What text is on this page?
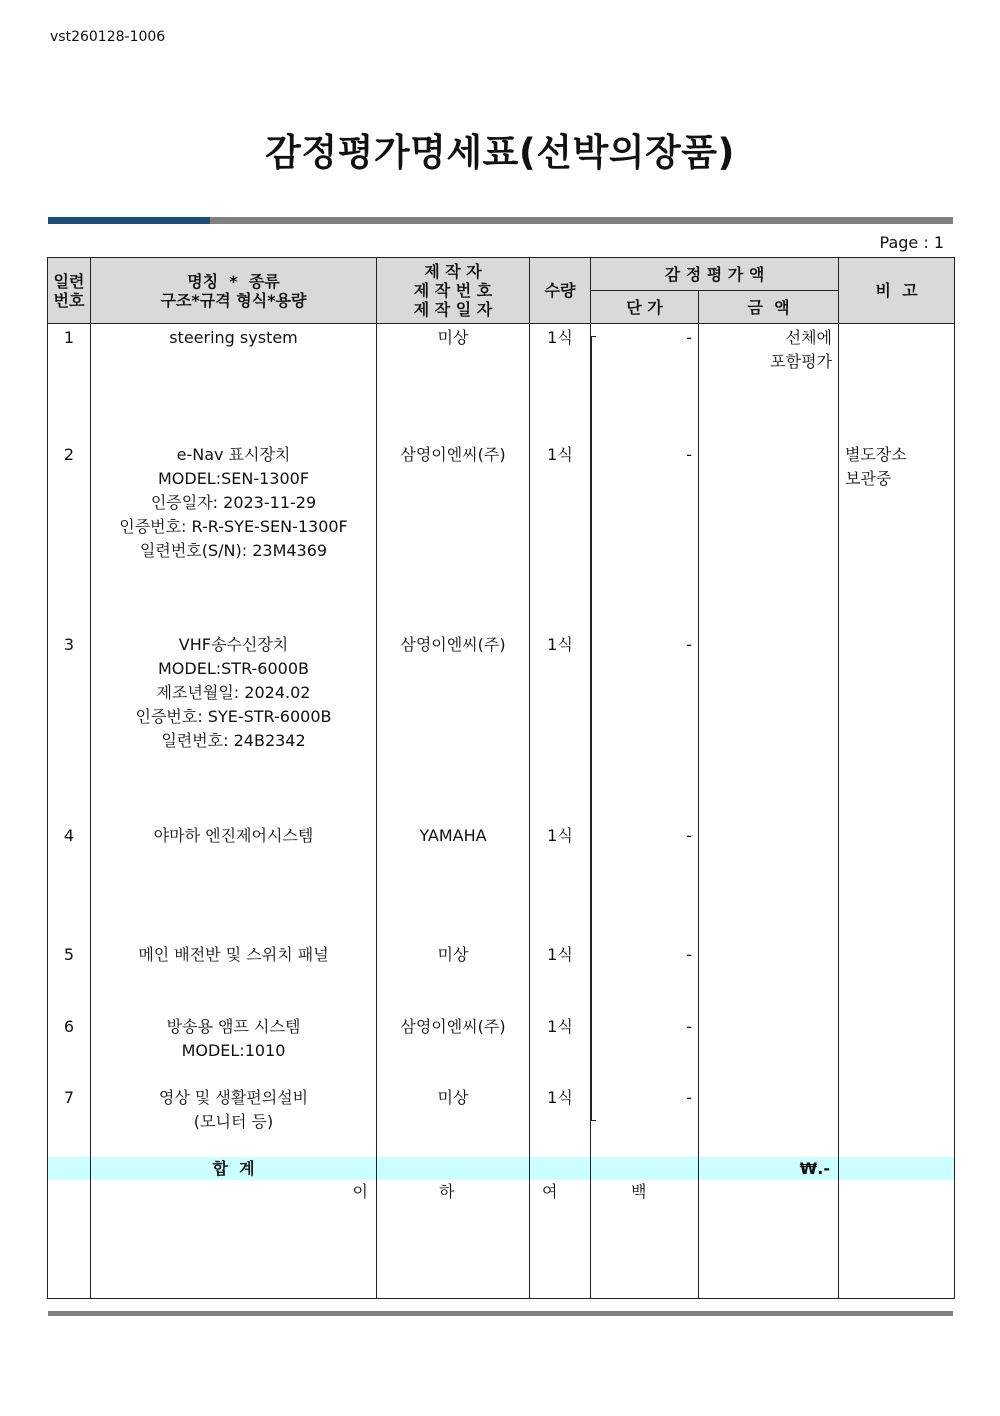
vst260128-1006
감정평가명세표(선박의장품)
Page : 1
일련
번호	명칭  *  종류
구조*규격 형식*용량	제 작 자
제 작 번 호
제 작 일 자	수량	감 정 평 가 액		비  고
				단 가	금  액	
1	steering system	미상	1식	-	선체에
포함평가	

2	e-Nav 표시장치
MODEL:SEN-1300F
인증일자: 2023-11-29
인증번호: R-R-SYE-SEN-1300F
일련번호(S/N): 23M4369	삼영이엔씨(주)	1식	-		별도장소
보관중

3	VHF송수신장치
MODEL:STR-6000B
제조년월일: 2024.02
인증번호: SYE-STR-6000B
일련번호: 24B2342	삼영이엔씨(주)	1식	-		
4	야마하 엔진제어시스템	YAMAHA	1식	-		
5	메인 배전반 및 스위치 패널	미상	1식	-		
6	방송용 앰프 시스템
MODEL:1010	삼영이엔씨(주)	1식	-		
7	영상 및 생활편의설비
(모니터 등)	미상	1식	-		
	합  계				₩.-	
	이	하	여	백		
